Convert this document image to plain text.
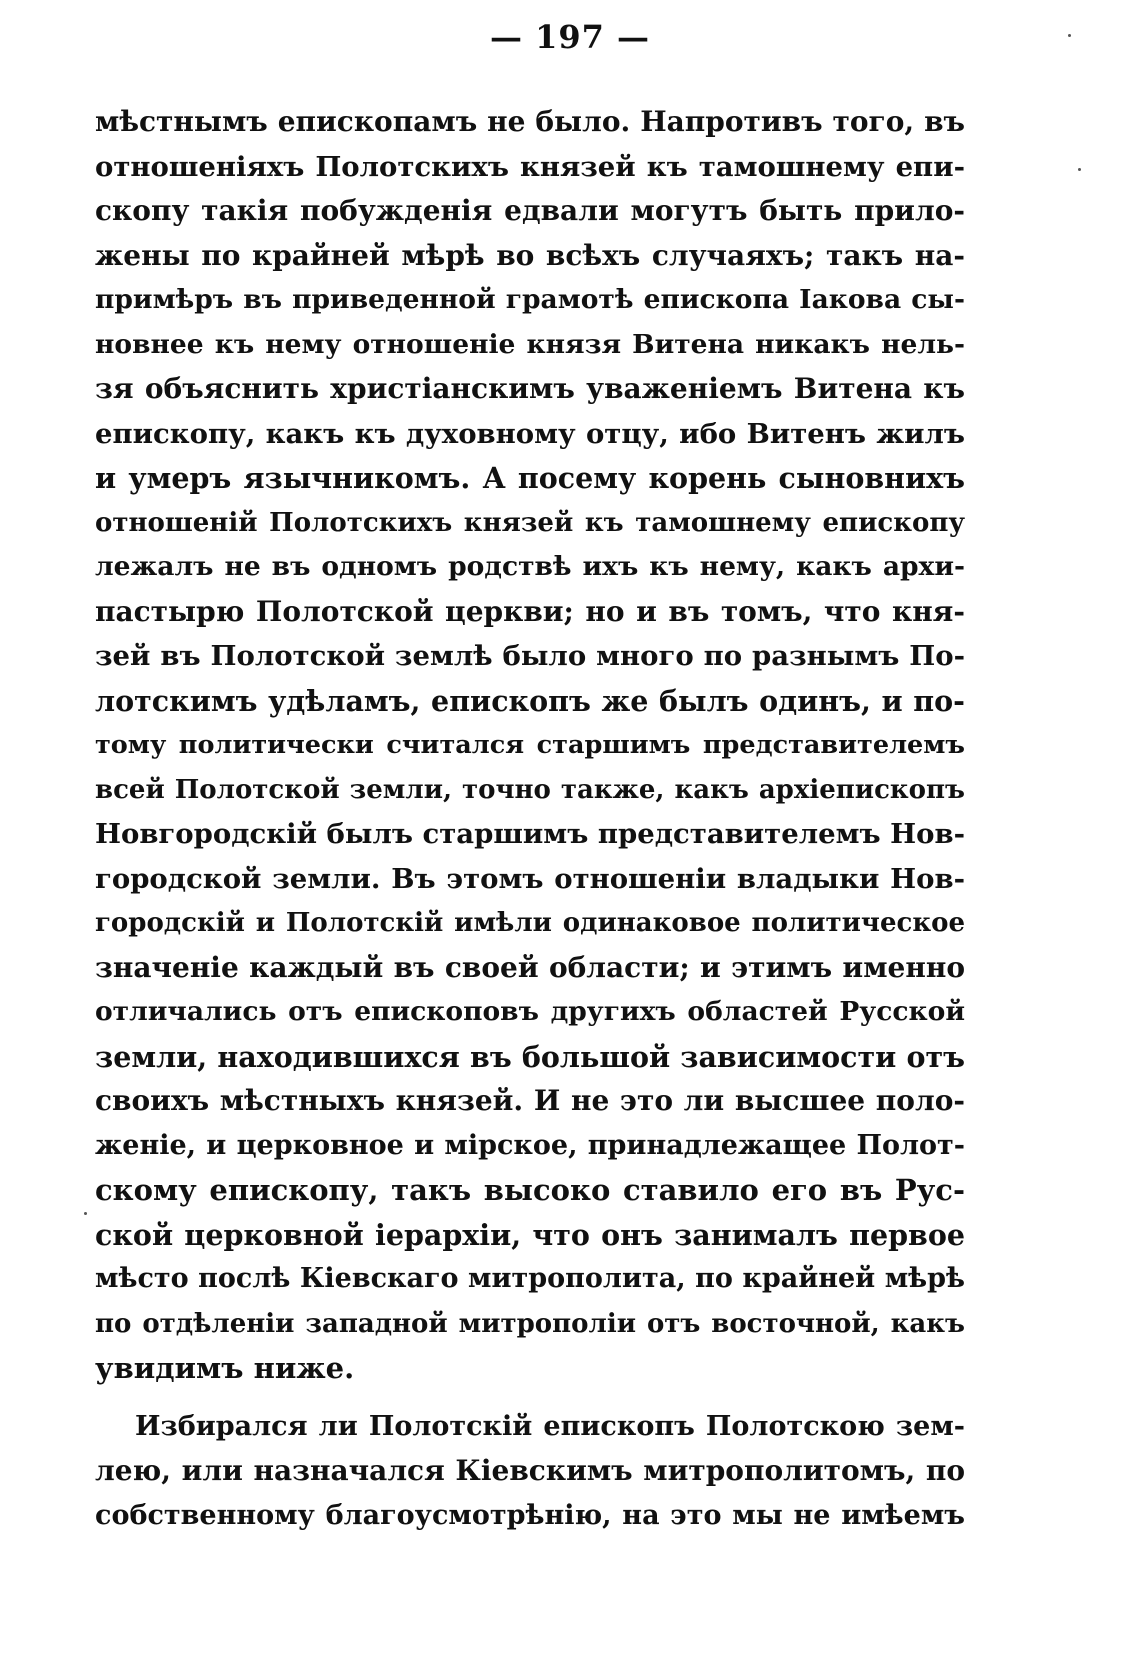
— 197 —
мѣстнымъ епископамъ не было. Напротивъ того, въ
отношеніяхъ Полотскихъ князей къ тамошнему епи-
скопу такія побужденія едвали могутъ быть прило-
жены по крайней мѣрѣ во всѣхъ случаяхъ; такъ на-
примѣръ въ приведенной грамотѣ епископа Іакова сы-
новнее къ нему отношеніе князя Витена никакъ нель-
зя объяснить христіанскимъ уваженіемъ Витена къ
епископу, какъ къ духовному отцу, ибо Витенъ жилъ
и умеръ язычникомъ. А посему корень сыновнихъ
отношеній Полотскихъ князей къ тамошнему епископу
лежалъ не въ одномъ родствѣ ихъ къ нему, какъ архи-
пастырю Полотской церкви; но и въ томъ, что кня-
зей въ Полотской землѣ было много по разнымъ По-
лотскимъ удѣламъ, епископъ же былъ одинъ, и по-
тому политически считался старшимъ представителемъ
всей Полотской земли, точно также, какъ архіепископъ
Новгородскій былъ старшимъ представителемъ Нов-
городской земли. Въ этомъ отношеніи владыки Нов-
городскій и Полотскій имѣли одинаковое политическое
значеніе каждый въ своей области; и этимъ именно
отличались отъ епископовъ другихъ областей Русской
земли, находившихся въ большой зависимости отъ
своихъ мѣстныхъ князей. И не это ли высшее поло-
женіе, и церковное и мірское, принадлежащее Полот-
скому епископу, такъ высоко ставило его въ Рус-
ской церковной іерархіи, что онъ занималъ первое
мѣсто послѣ Кіевскаго митрополита, по крайней мѣрѣ
по отдѣленіи западной митрополіи отъ восточной, какъ
увидимъ ниже.
Избирался ли Полотскій епископъ Полотскою зем-
лею, или назначался Кіевскимъ митрополитомъ, по
собственному благоусмотрѣнію, на это мы не имѣемъ
